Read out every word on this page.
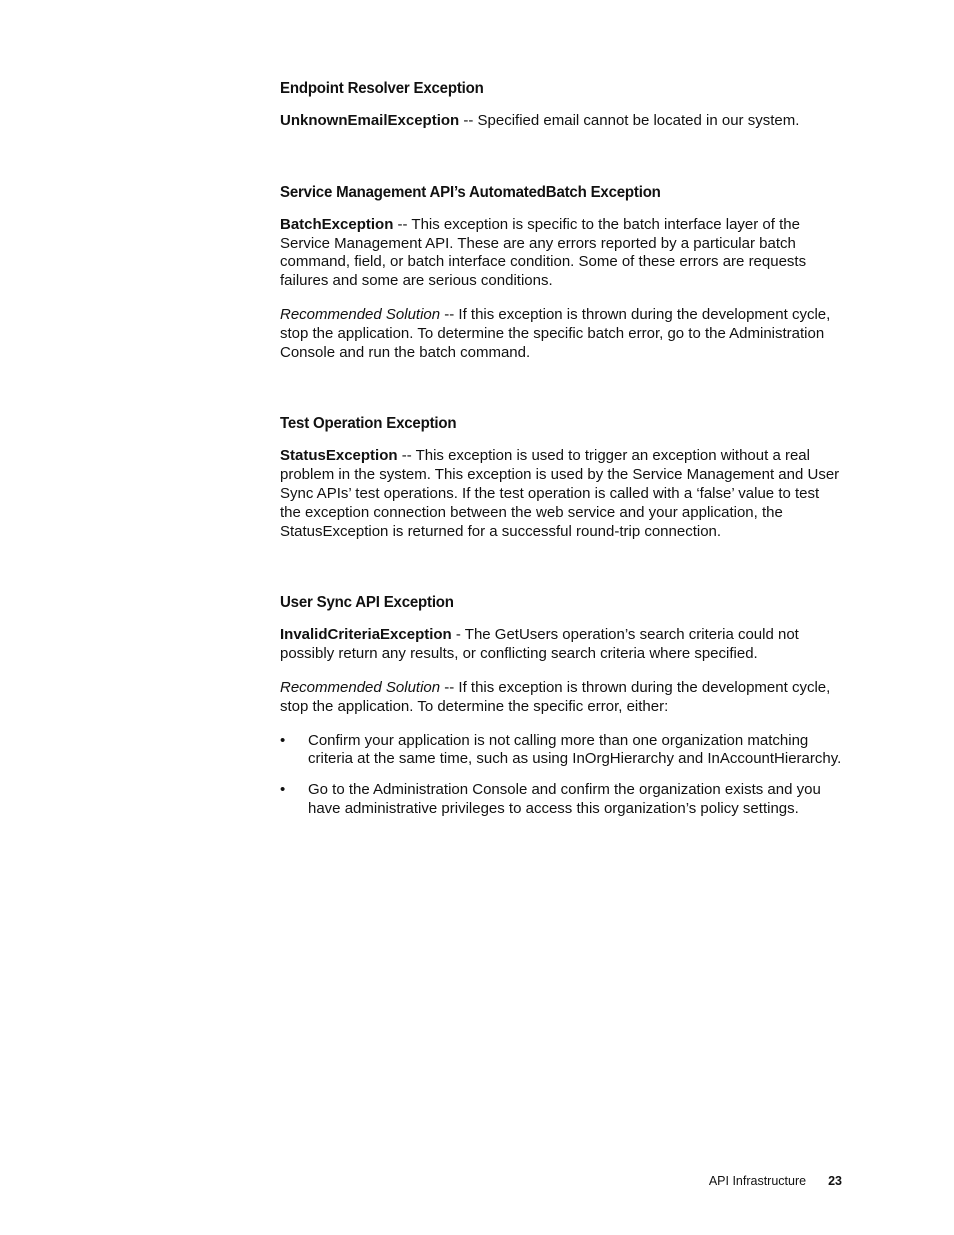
Endpoint Resolver Exception

UnknownEmailException -- Specified email cannot be located in our system.

Service Management API’s AutomatedBatch Exception

BatchException -- This exception is specific to the batch interface layer of the Service Management API. These are any errors reported by a particular batch command, field, or batch interface condition. Some of these errors are requests failures and some are serious conditions.

Recommended Solution -- If this exception is thrown during the development cycle, stop the application. To determine the specific batch error, go to the Administration Console and run the batch command.

Test Operation Exception

StatusException -- This exception is used to trigger an exception without a real problem in the system. This exception is used by the Service Management and User Sync APIs’ test operations. If the test operation is called with a ‘false’ value to test the exception connection between the web service and your application, the StatusException is returned for a successful round-trip connection.

User Sync API Exception

InvalidCriteriaException - The GetUsers operation’s search criteria could not possibly return any results, or conflicting search criteria where specified.

Recommended Solution -- If this exception is thrown during the development cycle, stop the application. To determine the specific error, either:

• Confirm your application is not calling more than one organization matching criteria at the same time, such as using InOrgHierarchy and InAccountHierarchy.
• Go to the Administration Console and confirm the organization exists and you have administrative privileges to access this organization’s policy settings.
API Infrastructure 23
